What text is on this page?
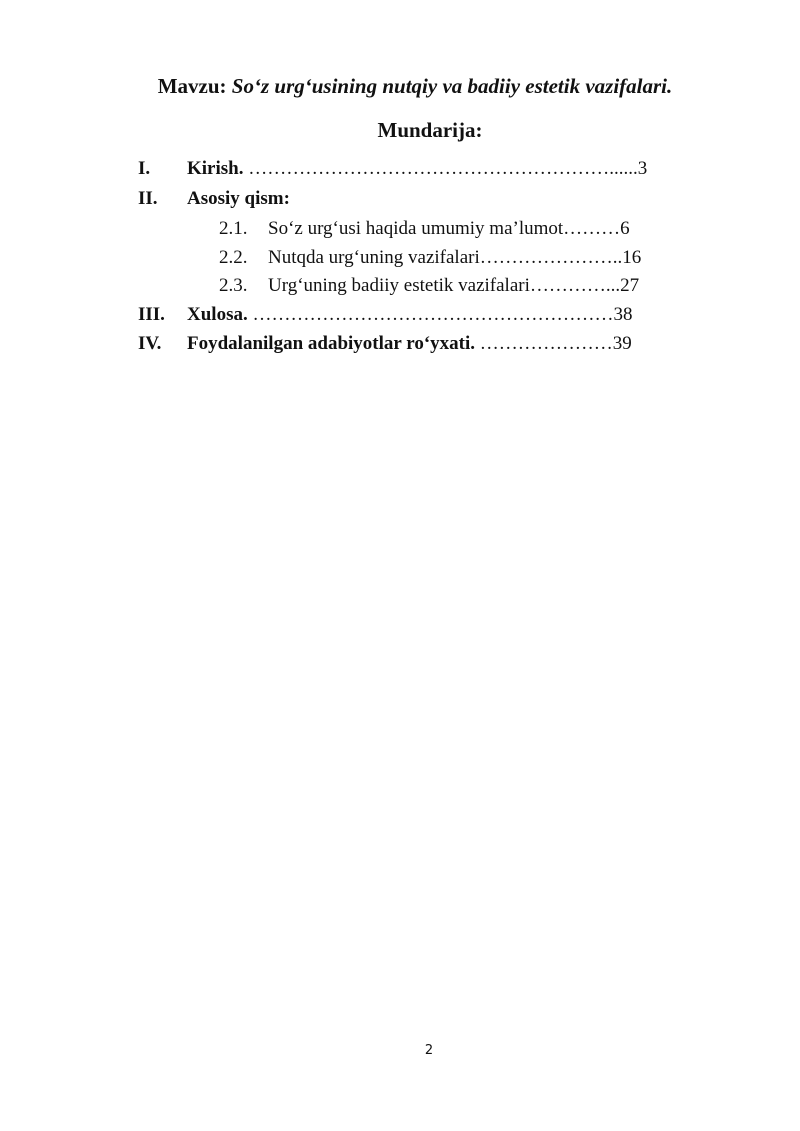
Mavzu: So‘z urg‘usining nutqiy va badiiy estetik vazifalari.
Mundarija:
I. Kirish. …………………………………………………......3
II. Asosiy qism:
2.1. So‘z urg‘usi haqida umumiy ma’lumot………6
2.2. Nutqda urg‘uning vazifalari…………………..16
2.3. Urg‘uning badiiy estetik vazifalari…………...27
III. Xulosa. …………………………………………………38
IV. Foydalanilgan adabiyotlar ro‘yxati. …………………39
2
